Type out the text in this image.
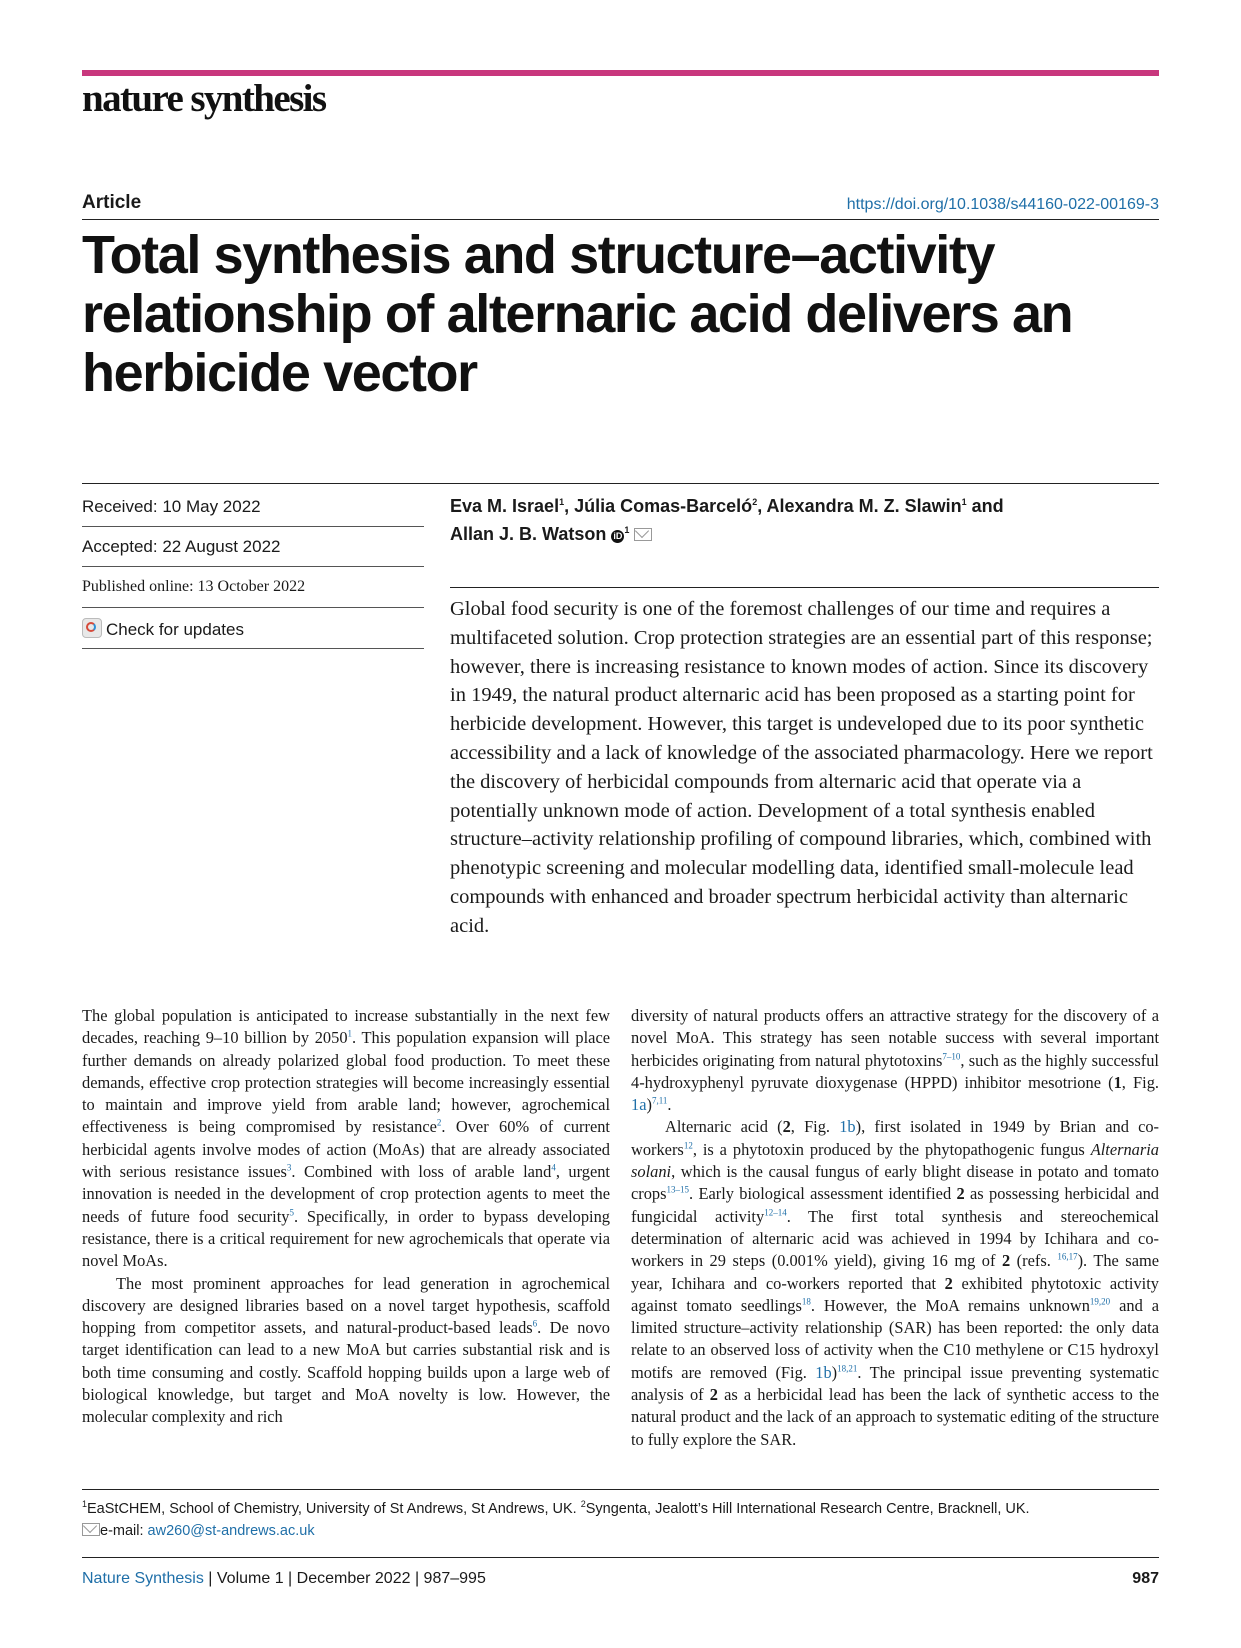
nature synthesis
Article	https://doi.org/10.1038/s44160-022-00169-3
Total synthesis and structure–activity relationship of alternaric acid delivers an herbicide vector
Received: 10 May 2022
Accepted: 22 August 2022
Published online: 13 October 2022
Check for updates
Eva M. Israel$^1$, Júlia Comas-Barceló$^2$, Alexandra M. Z. Slawin$^1$ and
Allan J. B. Watson $iD^1$

Global food security is one of the foremost challenges of our time and requires a multifaceted solution. Crop protection strategies are an essential part of this response; however, there is increasing resistance to known modes of action. Since its discovery in 1949, the natural product alternaric acid has been proposed as a starting point for herbicide development. However, this target is undeveloped due to its poor synthetic accessibility and a lack of knowledge of the associated pharmacology. Here we report the discovery of herbicidal compounds from alternaric acid that operate via a potentially unknown mode of action. Development of a total synthesis enabled structure–activity relationship profiling of compound libraries, which, combined with phenotypic screening and molecular modelling data, identified small-molecule lead compounds with enhanced and broader spectrum herbicidal activity than alternaric acid.

The global population is anticipated to increase substantially in the next few decades, reaching 9–10 billion by 2050$^1$. This population expansion will place further demands on already polarized global food production. To meet these demands, effective crop protection strategies will become increasingly essential to maintain and improve yield from arable land; however, agrochemical effectiveness is being compromised by resistance$^2$. Over 60% of current herbicidal agents involve modes of action (MoAs) that are already associated with serious resistance issues$^3$. Combined with loss of arable land$^4$, urgent innovation is needed in the development of crop protection agents to meet the needs of future food security$^5$. Specifically, in order to bypass developing resistance, there is a critical requirement for new agrochemicals that operate via novel MoAs.

The most prominent approaches for lead generation in agrochemical discovery are designed libraries based on a novel target hypothesis, scaffold hopping from competitor assets, and natural-product-based leads$^6$. De novo target identification can lead to a new MoA but carries substantial risk and is both time consuming and costly. Scaffold hopping builds upon a large web of biological knowledge, but target and MoA novelty is low. However, the molecular complexity and rich

diversity of natural products offers an attractive strategy for the discovery of a novel MoA. This strategy has seen notable success with several important herbicides originating from natural phytotoxins$^{7-10}$, such as the highly successful 4-hydroxyphenyl pyruvate dioxygenase (HPPD) inhibitor mesotrione (1, Fig. 1a)$^{7,11}$.

Alternaric acid (2, Fig. 1b), first isolated in 1949 by Brian and co-workers$^{12}$, is a phytotoxin produced by the phytopathogenic fungus Alternaria solani, which is the causal fungus of early blight disease in potato and tomato crops$^{13-15}$. Early biological assessment identified 2 as possessing herbicidal and fungicidal activity$^{12-14}$. The first total synthesis and stereochemical determination of alternaric acid was achieved in 1994 by Ichihara and co-workers in 29 steps (0.001% yield), giving 16 mg of 2 (refs. $^{16,17}$). The same year, Ichihara and co-workers reported that 2 exhibited phytotoxic activity against tomato seedlings$^{18}$. However, the MoA remains unknown$^{19,20}$ and a limited structure–activity relationship (SAR) has been reported: the only data relate to an observed loss of activity when the C10 methylene or C15 hydroxyl motifs are removed (Fig. 1b)$^{18,21}$. The principal issue preventing systematic analysis of 2 as a herbicidal lead has been the lack of synthetic access to the natural product and the lack of an approach to systematic editing of the structure to fully explore the SAR.

$^1$EaStCHEM, School of Chemistry, University of St Andrews, St Andrews, UK. $^2$Syngenta, Jealott’s Hill International Research Centre, Bracknell, UK.
e-mail: aw260@st-andrews.ac.uk
Nature Synthesis | Volume 1 | December 2022 | 987–995	987
